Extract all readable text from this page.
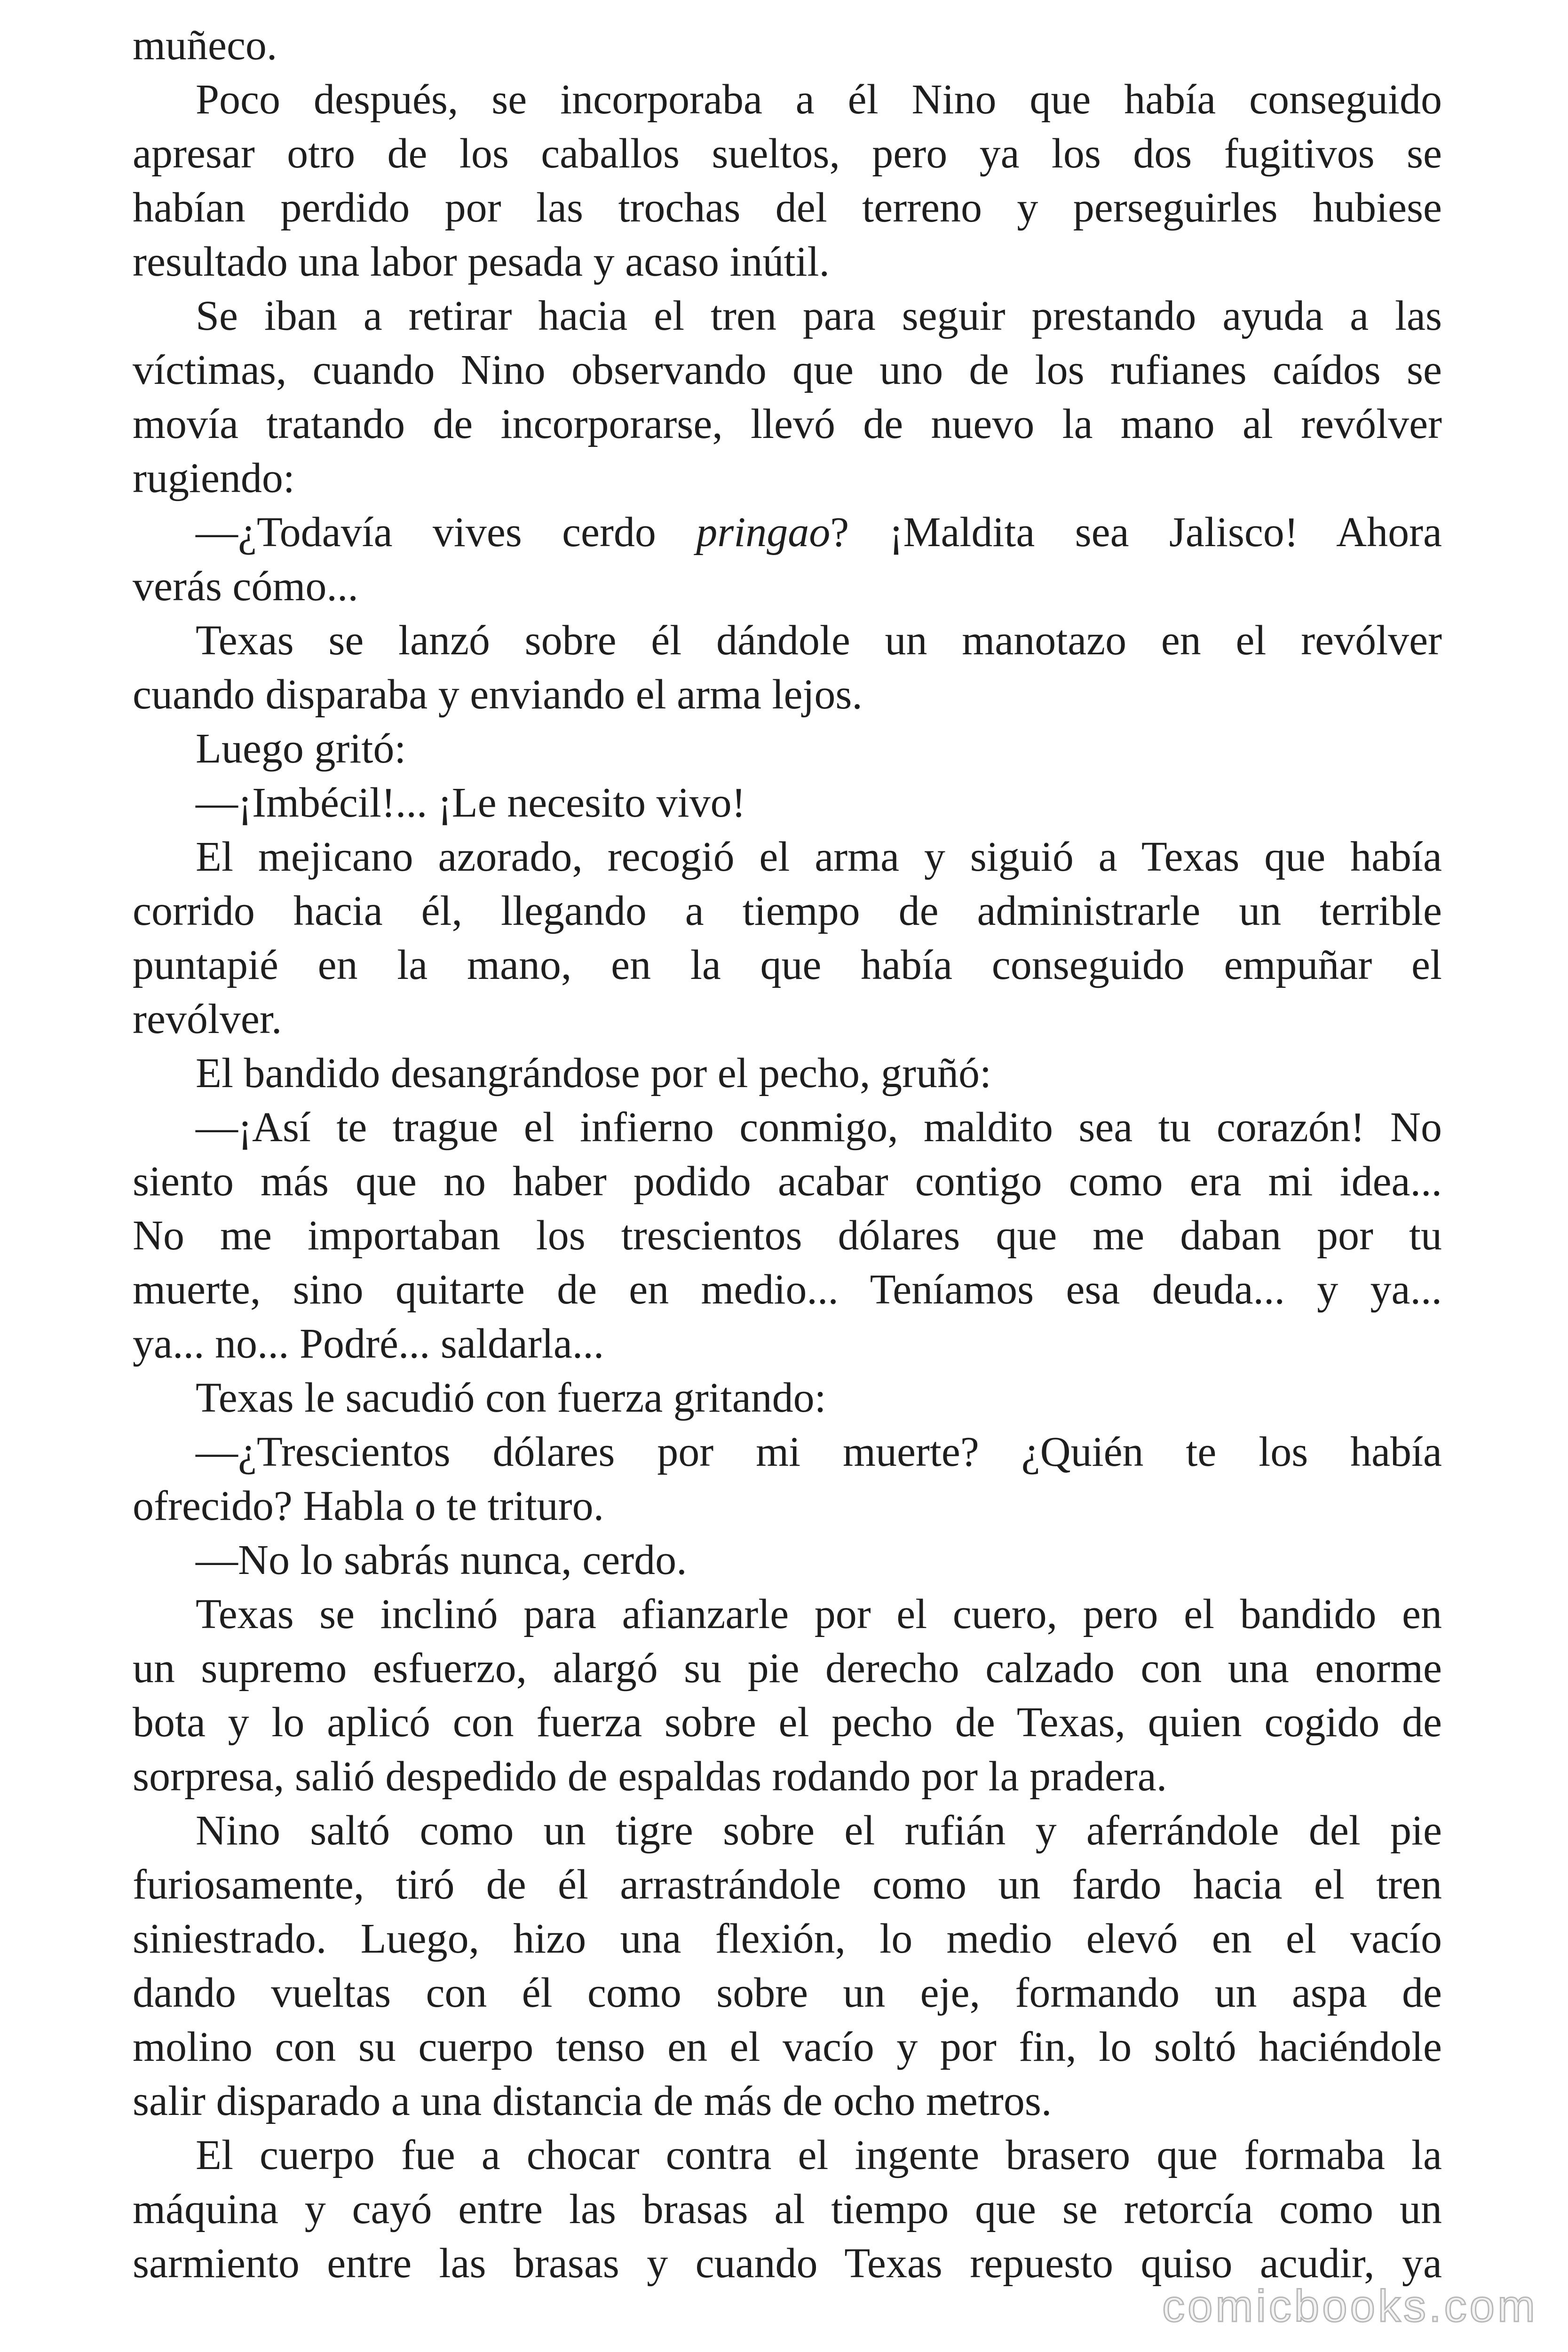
muñeco.
Poco después, se incorporaba a él Nino que había conseguido
apresar otro de los caballos sueltos, pero ya los dos fugitivos se
habían perdido por las trochas del terreno y perseguirles hubiese
resultado una labor pesada y acaso inútil.
Se iban a retirar hacia el tren para seguir prestando ayuda a las
víctimas, cuando Nino observando que uno de los rufianes caídos se
movía tratando de incorporarse, llevó de nuevo la mano al revólver
rugiendo:
—¿Todavía vives cerdo pringao? ¡Maldita sea Jalisco! Ahora
verás cómo...
Texas se lanzó sobre él dándole un manotazo en el revólver
cuando disparaba y enviando el arma lejos.
Luego gritó:
—¡Imbécil!... ¡Le necesito vivo!
El mejicano azorado, recogió el arma y siguió a Texas que había
corrido hacia él, llegando a tiempo de administrarle un terrible
puntapié en la mano, en la que había conseguido empuñar el
revólver.
El bandido desangrándose por el pecho, gruñó:
—¡Así te trague el infierno conmigo, maldito sea tu corazón! No
siento más que no haber podido acabar contigo como era mi idea...
No me importaban los trescientos dólares que me daban por tu
muerte, sino quitarte de en medio... Teníamos esa deuda... y ya...
ya... no... Podré... saldarla...
Texas le sacudió con fuerza gritando:
—¿Trescientos dólares por mi muerte? ¿Quién te los había
ofrecido? Habla o te trituro.
—No lo sabrás nunca, cerdo.
Texas se inclinó para afianzarle por el cuero, pero el bandido en
un supremo esfuerzo, alargó su pie derecho calzado con una enorme
bota y lo aplicó con fuerza sobre el pecho de Texas, quien cogido de
sorpresa, salió despedido de espaldas rodando por la pradera.
Nino saltó como un tigre sobre el rufián y aferrándole del pie
furiosamente, tiró de él arrastrándole como un fardo hacia el tren
siniestrado. Luego, hizo una flexión, lo medio elevó en el vacío
dando vueltas con él como sobre un eje, formando un aspa de
molino con su cuerpo tenso en el vacío y por fin, lo soltó haciéndole
salir disparado a una distancia de más de ocho metros.
El cuerpo fue a chocar contra el ingente brasero que formaba la
máquina y cayó entre las brasas al tiempo que se retorcía como un
sarmiento entre las brasas y cuando Texas repuesto quiso acudir, ya
comicbooks.com
